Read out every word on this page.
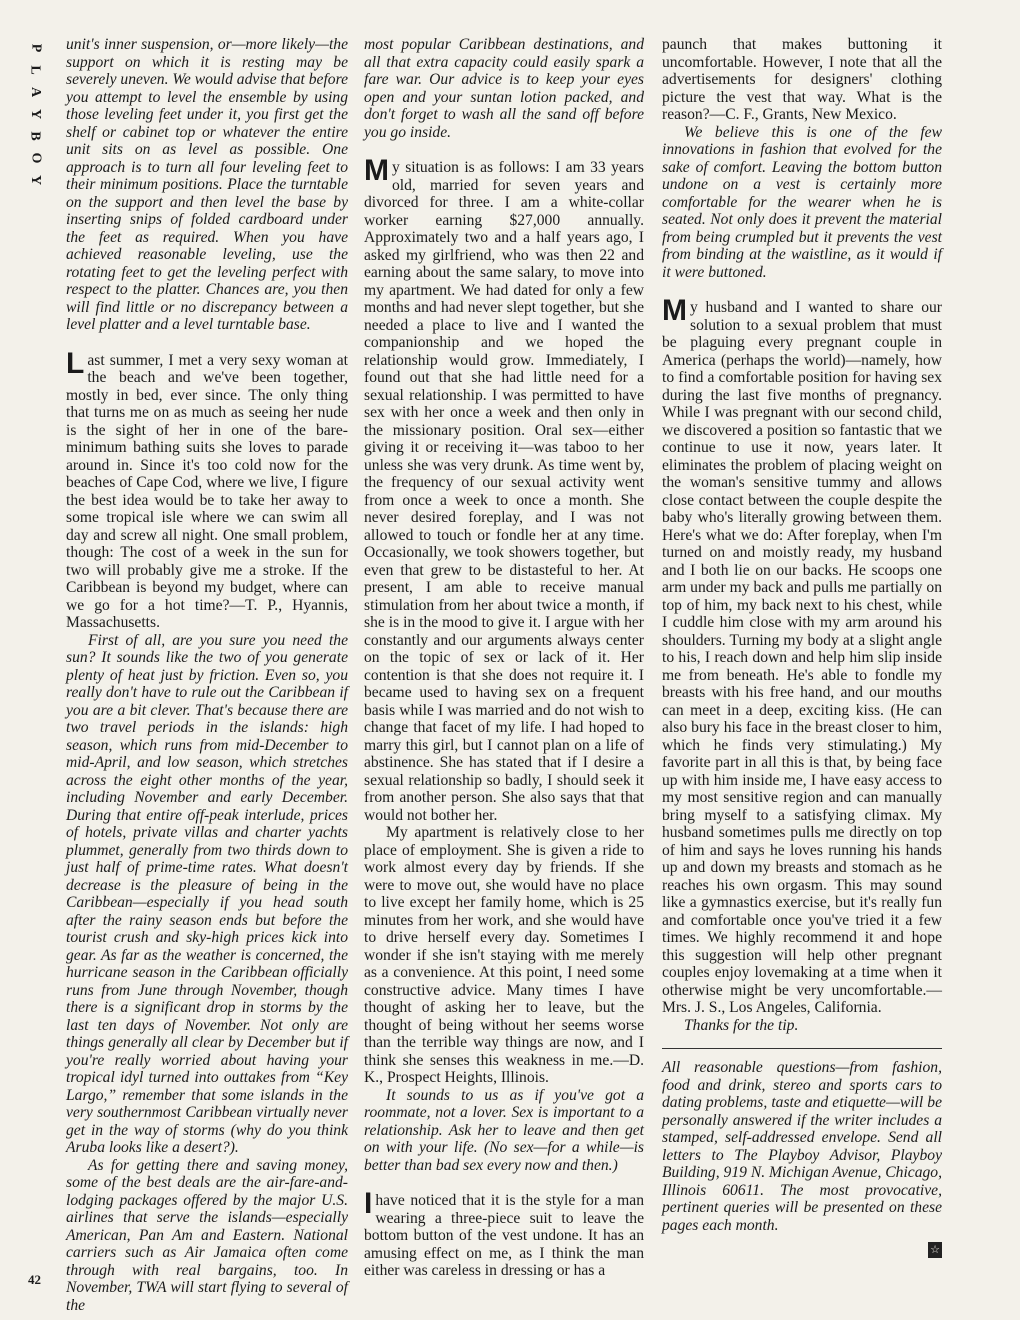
P
L
A
Y
B
O
Y
42

unit's inner suspension, or—more likely—the support on which it is resting may be severely uneven. We would advise that before you attempt to level the ensemble by using those leveling feet under it, you first get the shelf or cabinet top or whatever the entire unit sits on as level as possible. One approach is to turn all four leveling feet to their minimum positions. Place the turntable on the support and then level the base by inserting snips of folded cardboard under the feet as required. When you have achieved reasonable leveling, use the rotating feet to get the leveling perfect with respect to the platter. Chances are, you then will find little or no discrepancy between a level platter and a level turntable base.

Last summer, I met a very sexy woman at the beach and we've been together, mostly in bed, ever since. The only thing that turns me on as much as seeing her nude is the sight of her in one of the bare-minimum bathing suits she loves to parade around in. Since it's too cold now for the beaches of Cape Cod, where we live, I figure the best idea would be to take her away to some tropical isle where we can swim all day and screw all night. One small problem, though: The cost of a week in the sun for two will probably give me a stroke. If the Caribbean is beyond my budget, where can we go for a hot time?—T. P., Hyannis, Massachusetts.

First of all, are you sure you need the sun? It sounds like the two of you generate plenty of heat just by friction. Even so, you really don't have to rule out the Caribbean if you are a bit clever. That's because there are two travel periods in the islands: high season, which runs from mid-December to mid-April, and low season, which stretches across the eight other months of the year, including November and early December. During that entire off-peak interlude, prices of hotels, private villas and charter yachts plummet, generally from two thirds down to just half of prime-time rates. What doesn't decrease is the pleasure of being in the Caribbean—especially if you head south after the rainy season ends but before the tourist crush and sky-high prices kick into gear. As far as the weather is concerned, the hurricane season in the Caribbean officially runs from June through November, though there is a significant drop in storms by the last ten days of November. Not only are things generally all clear by December but if you're really worried about having your tropical idyl turned into outtakes from “Key Largo,” remember that some islands in the very southernmost Caribbean virtually never get in the way of storms (why do you think Aruba looks like a desert?).

As for getting there and saving money, some of the best deals are the air-fare-and-lodging packages offered by the major U.S. airlines that serve the islands—especially American, Pan Am and Eastern. National carriers such as Air Jamaica often come through with real bargains, too. In November, TWA will start flying to several of the

most popular Caribbean destinations, and all that extra capacity could easily spark a fare war. Our advice is to keep your eyes open and your suntan lotion packed, and don't forget to wash all the sand off before you go inside.

My situation is as follows: I am 33 years old, married for seven years and divorced for three. I am a white-collar worker earning $27,000 annually. Approximately two and a half years ago, I asked my girlfriend, who was then 22 and earning about the same salary, to move into my apartment. We had dated for only a few months and had never slept together, but she needed a place to live and I wanted the companionship and we hoped the relationship would grow. Immediately, I found out that she had little need for a sexual relationship. I was permitted to have sex with her once a week and then only in the missionary position. Oral sex—either giving it or receiving it—was taboo to her unless she was very drunk. As time went by, the frequency of our sexual activity went from once a week to once a month. She never desired foreplay, and I was not allowed to touch or fondle her at any time. Occasionally, we took showers together, but even that grew to be distasteful to her. At present, I am able to receive manual stimulation from her about twice a month, if she is in the mood to give it. I argue with her constantly and our arguments always center on the topic of sex or lack of it. Her contention is that she does not require it. I became used to having sex on a frequent basis while I was married and do not wish to change that facet of my life. I had hoped to marry this girl, but I cannot plan on a life of abstinence. She has stated that if I desire a sexual relationship so badly, I should seek it from another person. She also says that that would not bother her.

My apartment is relatively close to her place of employment. She is given a ride to work almost every day by friends. If she were to move out, she would have no place to live except her family home, which is 25 minutes from her work, and she would have to drive herself every day. Sometimes I wonder if she isn't staying with me merely as a convenience. At this point, I need some constructive advice. Many times I have thought of asking her to leave, but the thought of being without her seems worse than the terrible way things are now, and I think she senses this weakness in me.—D. K., Prospect Heights, Illinois.

It sounds to us as if you've got a roommate, not a lover. Sex is important to a relationship. Ask her to leave and then get on with your life. (No sex—for a while—is better than bad sex every now and then.)

Ihave noticed that it is the style for a man wearing a three-piece suit to leave the bottom button of the vest undone. It has an amusing effect on me, as I think the man either was careless in dressing or has a

paunch that makes buttoning it uncomfortable. However, I note that all the advertisements for designers' clothing picture the vest that way. What is the reason?—C. F., Grants, New Mexico.

We believe this is one of the few innovations in fashion that evolved for the sake of comfort. Leaving the bottom button undone on a vest is certainly more comfortable for the wearer when he is seated. Not only does it prevent the material from being crumpled but it prevents the vest from binding at the waistline, as it would if it were buttoned.

My husband and I wanted to share our solution to a sexual problem that must be plaguing every pregnant couple in America (perhaps the world)—namely, how to find a comfortable position for having sex during the last five months of pregnancy. While I was pregnant with our second child, we discovered a position so fantastic that we continue to use it now, years later. It eliminates the problem of placing weight on the woman's sensitive tummy and allows close contact between the couple despite the baby who's literally growing between them. Here's what we do: After foreplay, when I'm turned on and moistly ready, my husband and I both lie on our backs. He scoops one arm under my back and pulls me partially on top of him, my back next to his chest, while I cuddle him close with my arm around his shoulders. Turning my body at a slight angle to his, I reach down and help him slip inside me from beneath. He's able to fondle my breasts with his free hand, and our mouths can meet in a deep, exciting kiss. (He can also bury his face in the breast closer to him, which he finds very stimulating.) My favorite part in all this is that, by being face up with him inside me, I have easy access to my most sensitive region and can manually bring myself to a satisfying climax. My husband sometimes pulls me directly on top of him and says he loves running his hands up and down my breasts and stomach as he reaches his own orgasm. This may sound like a gymnastics exercise, but it's really fun and comfortable once you've tried it a few times. We highly recommend it and hope this suggestion will help other pregnant couples enjoy lovemaking at a time when it otherwise might be very uncomfortable.—Mrs. J. S., Los Angeles, California.

Thanks for the tip.

All reasonable questions—from fashion, food and drink, stereo and sports cars to dating problems, taste and etiquette—will be personally answered if the writer includes a stamped, self-addressed envelope. Send all letters to The Playboy Advisor, Playboy Building, 919 N. Michigan Avenue, Chicago, Illinois 60611. The most provocative, pertinent queries will be presented on these pages each month.

☆
